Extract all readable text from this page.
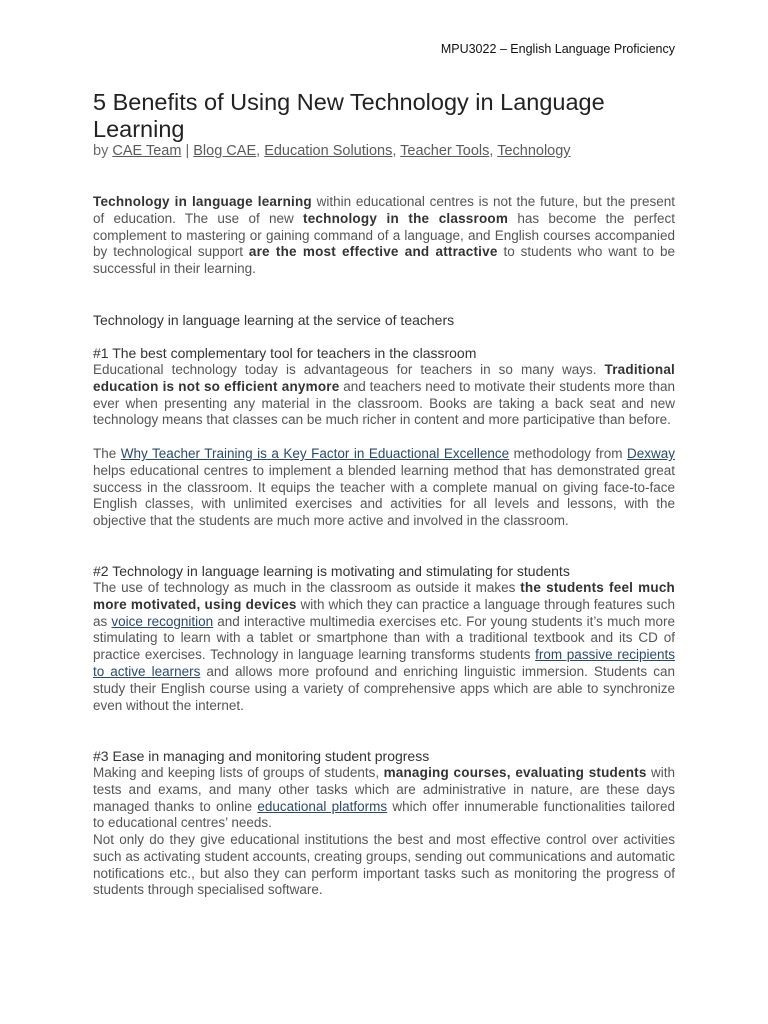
MPU3022 – English Language Proficiency
5 Benefits of Using New Technology in Language Learning
by CAE Team | Blog CAE, Education Solutions, Teacher Tools, Technology

Technology in language learning within educational centres is not the future, but the present of education. The use of new technology in the classroom has become the perfect complement to mastering or gaining command of a language, and English courses accompanied by technological support are the most effective and attractive to students who want to be successful in their learning.

Technology in language learning at the service of teachers
#1 The best complementary tool for teachers in the classroom

Educational technology today is advantageous for teachers in so many ways. Traditional education is not so efficient anymore and teachers need to motivate their students more than ever when presenting any material in the classroom. Books are taking a back seat and new technology means that classes can be much richer in content and more participative than before.

The Why Teacher Training is a Key Factor in Eduactional Excellence methodology from Dexway helps educational centres to implement a blended learning method that has demonstrated great success in the classroom. It equips the teacher with a complete manual on giving face-to-face English classes, with unlimited exercises and activities for all levels and lessons, with the objective that the students are much more active and involved in the classroom.

#2 Technology in language learning is motivating and stimulating for students

The use of technology as much in the classroom as outside it makes the students feel much more motivated, using devices with which they can practice a language through features such as voice recognition and interactive multimedia exercises etc. For young students it’s much more stimulating to learn with a tablet or smartphone than with a traditional textbook and its CD of practice exercises. Technology in language learning transforms students from passive recipients to active learners and allows more profound and enriching linguistic immersion. Students can study their English course using a variety of comprehensive apps which are able to synchronize even without the internet.

#3 Ease in managing and monitoring student progress

Making and keeping lists of groups of students, managing courses, evaluating students with tests and exams, and many other tasks which are administrative in nature, are these days managed thanks to online educational platforms which offer innumerable functionalities tailored to educational centres’ needs.

Not only do they give educational institutions the best and most effective control over activities such as activating student accounts, creating groups, sending out communications and automatic notifications etc., but also they can perform important tasks such as monitoring the progress of students through specialised software.
